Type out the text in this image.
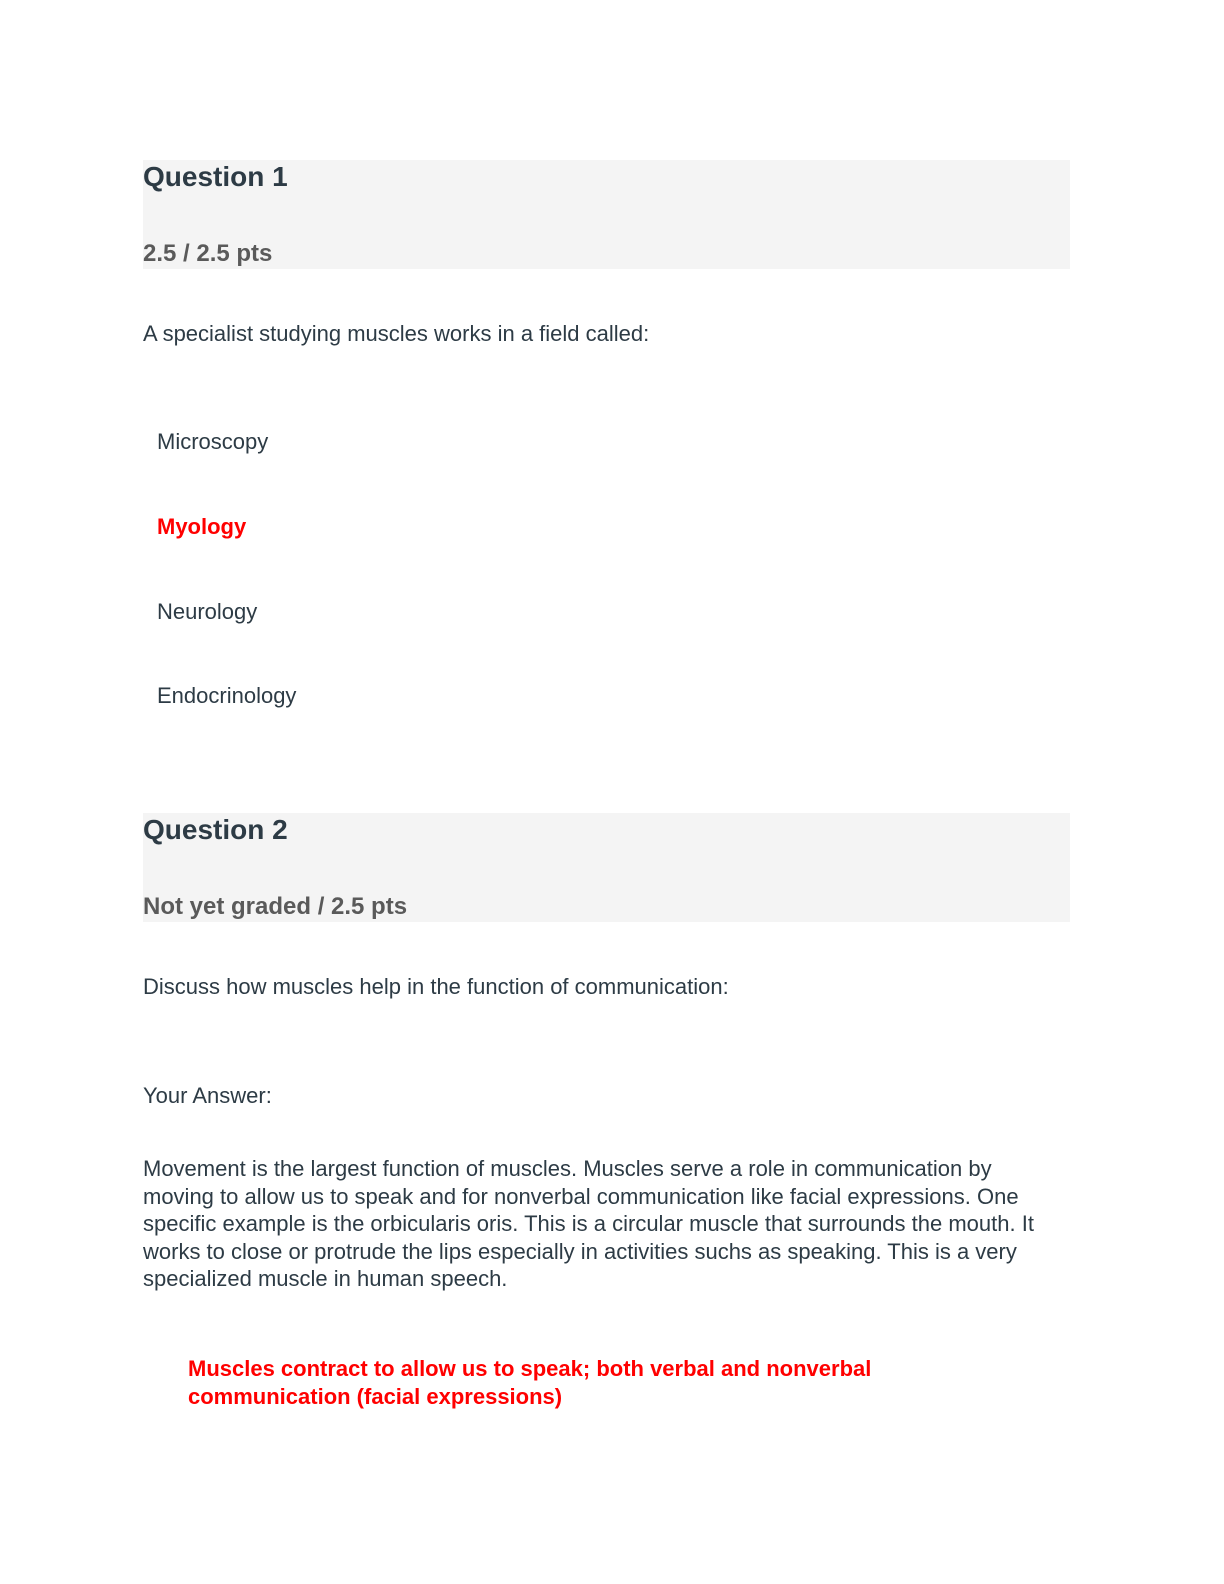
Question 1
2.5 / 2.5 pts
A specialist studying muscles works in a field called:
Microscopy
Myology
Neurology
Endocrinology
Question 2
Not yet graded / 2.5 pts
Discuss how muscles help in the function of communication:
Your Answer:
Movement is the largest function of muscles. Muscles serve a role in communication by moving to allow us to speak and for nonverbal communication like facial expressions. One specific example is the orbicularis oris. This is a circular muscle that surrounds the mouth. It works to close or protrude the lips especially in activities suchs as speaking. This is a very specialized muscle in human speech.
Muscles contract to allow us to speak; both verbal and nonverbal communication (facial expressions)
